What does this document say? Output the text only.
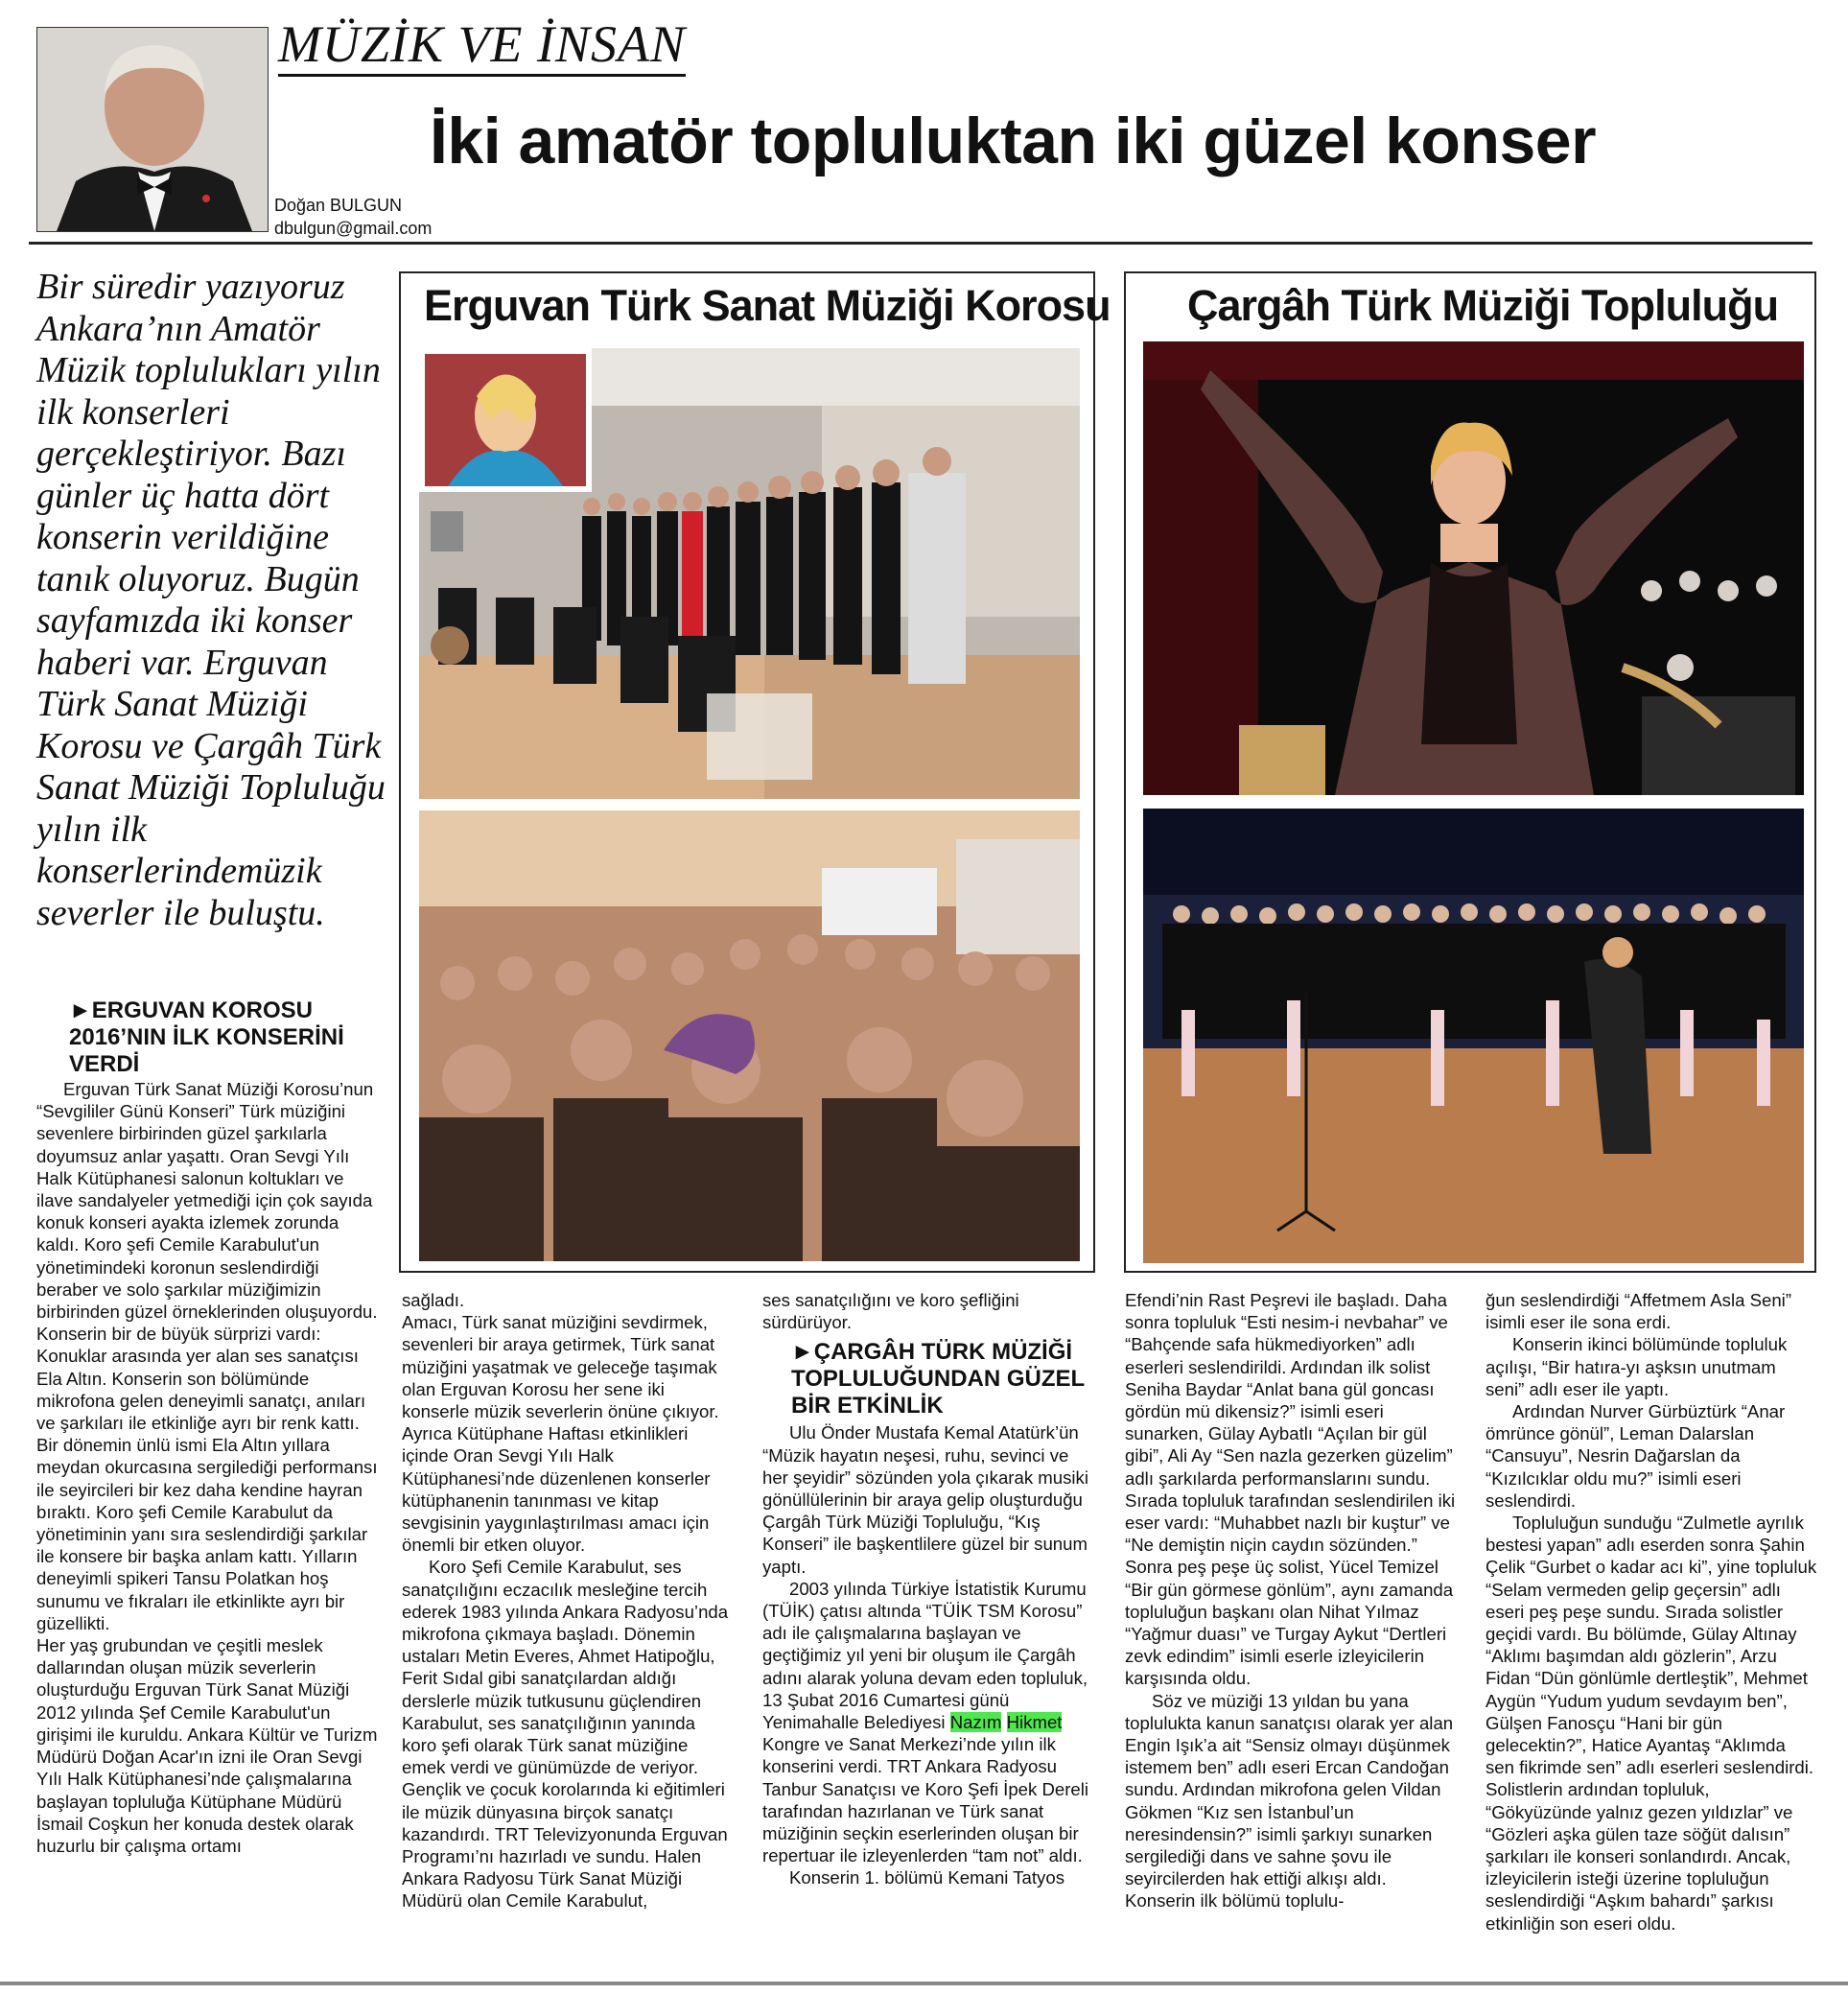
MÜZİK VE İNSAN
İki amatör topluluktan iki güzel konser
Doğan BULGUN
dbulgun@gmail.com
Bir süredir yazıyoruz Ankara’nın Amatör Müzik toplulukları yılın ilk konserleri gerçekleştiriyor. Bazı günler üç hatta dört konserin verildiğine tanık oluyoruz. Bugün sayfamızda iki konser haberi var. Erguvan Türk Sanat Müziği Korosu ve Çargâh Türk Sanat Müziği Topluluğu yılın ilk konserlerindemüzik severler ile buluştu.
►ERGUVAN KOROSU 2016’NIN İLK KONSERİNİ VERDİ

Erguvan Türk Sanat Müziği Korosu’nun “Sevgililer Günü Konseri” Türk müziğini sevenlere birbirinden güzel şarkılarla doyumsuz anlar yaşattı. Oran Sevgi Yılı Halk Kütüphanesi salonun koltukları ve ilave sandalyeler yetmediği için çok sayıda konuk konseri ayakta izlemek zorunda kaldı. Koro şefi Cemile Karabulut'un yönetimindeki koronun seslendirdiği beraber ve solo şarkılar müziğimizin birbirinden güzel örneklerinden oluşuyordu. Konserin bir de büyük sürprizi vardı: Konuklar arasında yer alan ses sanatçısı Ela Altın. Konserin son bölümünde mikrofona gelen deneyimli sanatçı, anıları ve şarkıları ile etkinliğe ayrı bir renk kattı. Bir dönemin ünlü ismi Ela Altın yıllara meydan okurcasına sergilediği performansı ile seyircileri bir kez daha kendine hayran bıraktı. Koro şefi Cemile Karabulut da yönetiminin yanı sıra seslendirdiği şarkılar ile konsere bir başka anlam kattı. Yılların deneyimli spikeri Tansu Polatkan hoş sunumu ve fıkraları ile etkinlikte ayrı bir güzellikti.

Her yaş grubundan ve çeşitli meslek dallarından oluşan müzik severlerin oluşturduğu Erguvan Türk Sanat Müziği 2012 yılında Şef Cemile Karabulut'un girişimi ile kuruldu. Ankara Kültür ve Turizm Müdürü Doğan Acar'ın izni ile Oran Sevgi Yılı Halk Kütüphanesi’nde çalışmalarına başlayan topluluğa Kütüphane Müdürü İsmail Coşkun her konuda destek olarak huzurlu bir çalışma ortamı

Erguvan Türk Sanat Müziği Korosu Çargâh Türk Müziği Topluluğu

sağladı.

Amacı, Türk sanat müziğini sevdirmek, sevenleri bir araya getirmek, Türk sanat müziğini yaşatmak ve geleceğe taşımak olan Erguvan Korosu her sene iki konserle müzik severlerin önüne çıkıyor. Ayrıca Kütüphane Haftası etkinlikleri içinde Oran Sevgi Yılı Halk Kütüphanesi’nde düzenlenen konserler kütüphanenin tanınması ve kitap sevgisinin yaygınlaştırılması amacı için önemli bir etken oluyor.

Koro Şefi Cemile Karabulut, ses sanatçılığını eczacılık mesleğine tercih ederek 1983 yılında Ankara Radyosu’nda mikrofona çıkmaya başladı. Dönemin ustaları Metin Everes, Ahmet Hatipoğlu, Ferit Sıdal gibi sanatçılardan aldığı derslerle müzik tutkusunu güçlendiren Karabulut, ses sanatçılığının yanında koro şefi olarak Türk sanat müziğine emek verdi ve günümüzde de veriyor. Gençlik ve çocuk korolarında ki eğitimleri ile müzik dünyasına birçok sanatçı kazandırdı. TRT Televizyonunda Erguvan Programı’nı hazırladı ve sundu. Halen Ankara Radyosu Türk Sanat Müziği Müdürü olan Cemile Karabulut,

ses sanatçılığını ve koro şefliğini sürdürüyor.

►ÇARGÂH TÜRK MÜZİĞİ TOPLULUĞUNDAN GÜZEL BİR ETKİNLİK

Ulu Önder Mustafa Kemal Atatürk’ün “Müzik hayatın neşesi, ruhu, sevinci ve her şeyidir” sözünden yola çıkarak musiki gönüllülerinin bir araya gelip oluşturduğu Çargâh Türk Müziği Topluluğu, “Kış Konseri” ile başkentlilere güzel bir sunum yaptı.

2003 yılında Türkiye İstatistik Kurumu (TÜİK) çatısı altında “TÜİK TSM Korosu” adı ile çalışmalarına başlayan ve geçtiğimiz yıl yeni bir oluşum ile Çargâh adını alarak yoluna devam eden topluluk, 13 Şubat 2016 Cumartesi günü Yenimahalle Belediyesi Nazım Hikmet Kongre ve Sanat Merkezi’nde yılın ilk konserini verdi. TRT Ankara Radyosu Tanbur Sanatçısı ve Koro Şefi İpek Dereli tarafından hazırlanan ve Türk sanat müziğinin seçkin eserlerinden oluşan bir repertuar ile izleyenlerden “tam not” aldı.

Konserin 1. bölümü Kemani Tatyos

Efendi’nin Rast Peşrevi ile başladı. Daha sonra topluluk “Esti nesim-i nevbahar” ve “Bahçende safa hükmediyorken” adlı eserleri seslendirildi. Ardından ilk solist Seniha Baydar “Anlat bana gül goncası gördün mü dikensiz?” isimli eseri sunarken, Gülay Aybatlı “Açılan bir gül gibi”, Ali Ay “Sen nazla gezerken güzelim” adlı şarkılarda performanslarını sundu. Sırada topluluk tarafından seslendirilen iki eser vardı: “Muhabbet nazlı bir kuştur” ve “Ne demiştin niçin caydın sözünden.” Sonra peş peşe üç solist, Yücel Temizel “Bir gün görmese gönlüm”, aynı zamanda topluluğun başkanı olan Nihat Yılmaz “Yağmur duası” ve Turgay Aykut “Dertleri zevk edindim” isimli eserle izleyicilerin karşısında oldu.

Söz ve müziği 13 yıldan bu yana toplulukta kanun sanatçısı olarak yer alan Engin Işık’a ait “Sensiz olmayı düşünmek istemem ben” adlı eseri Ercan Candoğan sundu. Ardından mikrofona gelen Vildan Gökmen “Kız sen İstanbul’un neresindensin?” isimli şarkıyı sunarken sergilediği dans ve sahne şovu ile seyircilerden hak ettiği alkışı aldı. Konserin ilk bölümü toplulu-

ğun seslendirdiği “Affetmem Asla Seni” isimli eser ile sona erdi.

Konserin ikinci bölümünde topluluk açılışı, “Bir hatıra-yı aşksın unutmam seni” adlı eser ile yaptı.

Ardından Nurver Gürbüztürk “Anar ömrünce gönül”, Leman Dalarslan “Cansuyu”, Nesrin Dağarslan da “Kızılcıklar oldu mu?” isimli eseri seslendirdi.

Topluluğun sunduğu “Zulmetle ayrılık bestesi yapan” adlı eserden sonra Şahin Çelik “Gurbet o kadar acı ki”, yine topluluk “Selam vermeden gelip geçersin” adlı eseri peş peşe sundu. Sırada solistler geçidi vardı. Bu bölümde, Gülay Altınay “Aklımı başımdan aldı gözlerin”, Arzu Fidan “Dün gönlümle dertleştik”, Mehmet Aygün “Yudum yudum sevdayım ben”, Gülşen Fanosçu “Hani bir gün gelecektin?”, Hatice Ayantaş “Aklımda sen fikrimde sen” adlı eserleri seslendirdi. Solistlerin ardından topluluk, “Gökyüzünde yalnız gezen yıldızlar” ve “Gözleri aşka gülen taze söğüt dalısın” şarkıları ile konseri sonlandırdı. Ancak, izleyicilerin isteği üzerine topluluğun seslendirdiği “Aşkım bahardı” şarkısı etkinliğin son eseri oldu.
